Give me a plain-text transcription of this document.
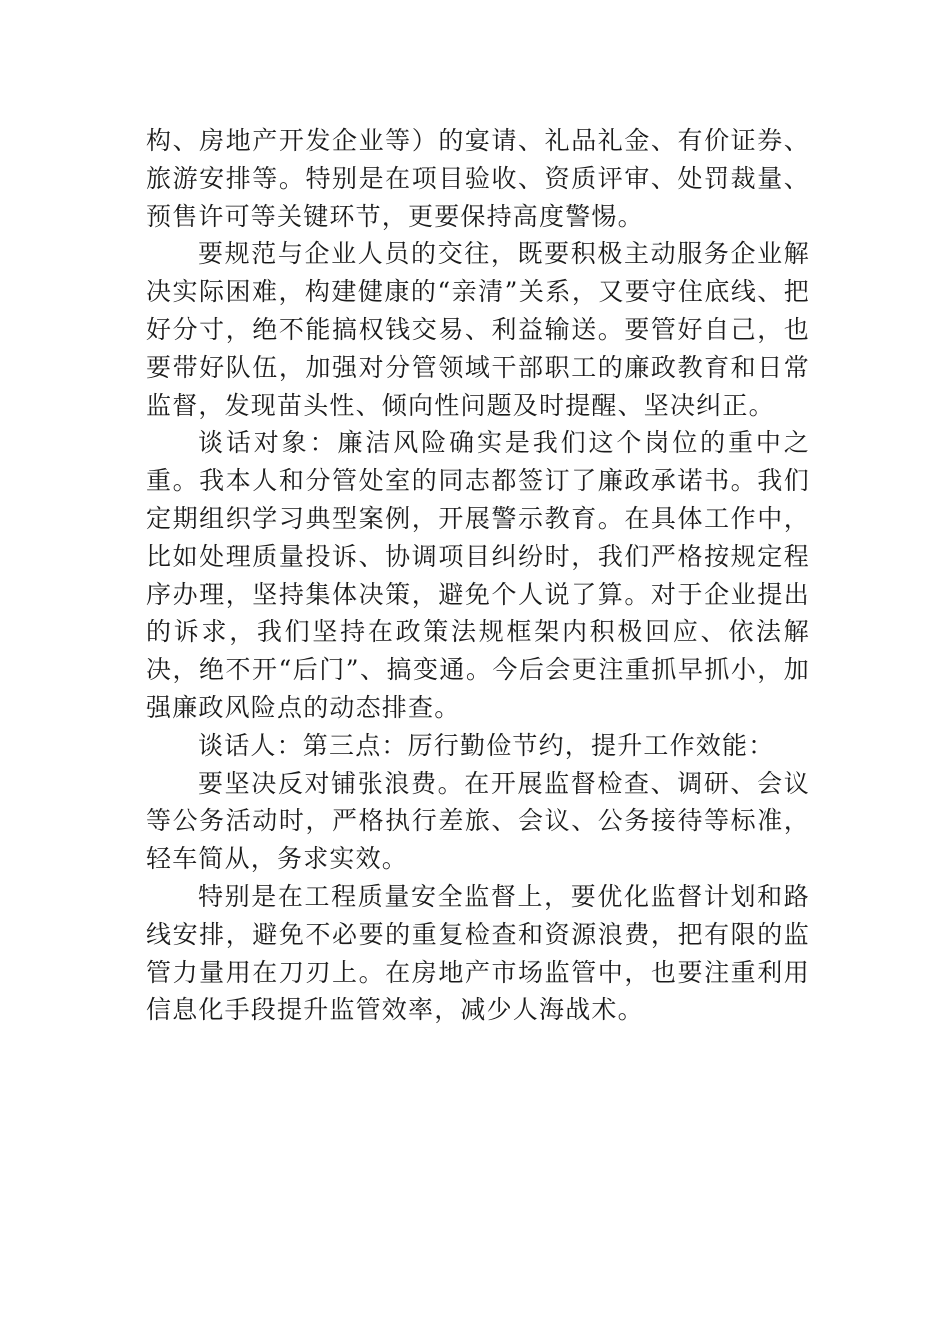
构、房地产开发企业等）的宴请、礼品礼金、有价证券、旅游安排等。特别是在项目验收、资质评审、处罚裁量、预售许可等关键环节，更要保持高度警惕。

要规范与企业人员的交往，既要积极主动服务企业解决实际困难，构建健康的“亲清”关系，又要守住底线、把好分寸，绝不能搞权钱交易、利益输送。要管好自己，也要带好队伍，加强对分管领域干部职工的廉政教育和日常监督，发现苗头性、倾向性问题及时提醒、坚决纠正。

谈话对象：廉洁风险确实是我们这个岗位的重中之重。我本人和分管处室的同志都签订了廉政承诺书。我们定期组织学习典型案例，开展警示教育。在具体工作中，比如处理质量投诉、协调项目纠纷时，我们严格按规定程序办理，坚持集体决策，避免个人说了算。对于企业提出的诉求，我们坚持在政策法规框架内积极回应、依法解决，绝不开“后门”、搞变通。今后会更注重抓早抓小，加强廉政风险点的动态排查。

谈话人：第三点：厉行勤俭节约，提升工作效能：

要坚决反对铺张浪费。在开展监督检查、调研、会议等公务活动时，严格执行差旅、会议、公务接待等标准，轻车简从，务求实效。

特别是在工程质量安全监督上，要优化监督计划和路线安排，避免不必要的重复检查和资源浪费，把有限的监管力量用在刀刃上。在房地产市场监管中，也要注重利用信息化手段提升监管效率，减少人海战术。
